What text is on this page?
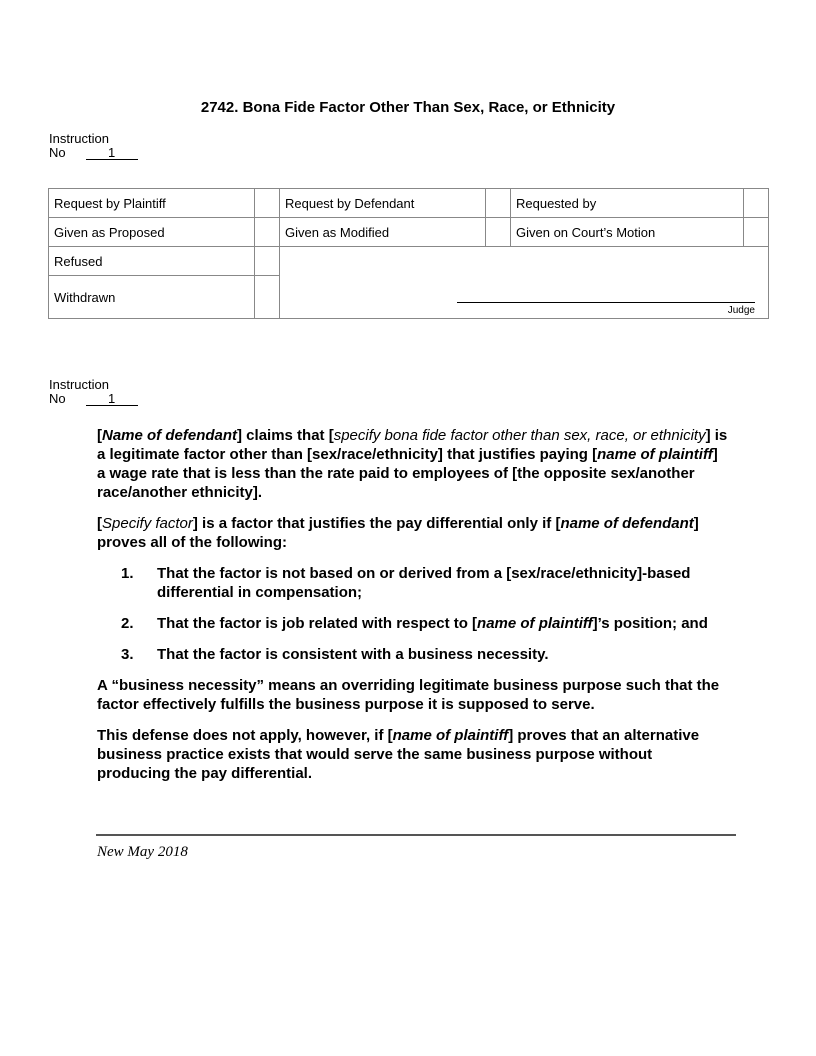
2742. Bona Fide Factor Other Than Sex, Race, or Ethnicity
Instruction
No	1
Request by Plaintiff		Request by Defendant		Requested by	
Given as Proposed		Given as Modified		Given on Court’s Motion	
Refused		Judge			

Withdrawn					
Instruction
No	1

[Name of defendant] claims that [specify bona fide factor other than sex, race, or ethnicity] is a legitimate factor other than [sex/race/ethnicity] that justifies paying [name of plaintiff] a wage rate that is less than the rate paid to employees of [the opposite sex/another race/another ethnicity].

[Specify factor] is a factor that justifies the pay differential only if [name of defendant] proves all of the following:

1. That the factor is not based on or derived from a [sex/race/ethnicity]-based differential in compensation;
2. That the factor is job related with respect to [name of plaintiff]’s position; and
3. That the factor is consistent with a business necessity.

A “business necessity” means an overriding legitimate business purpose such that the factor effectively fulfills the business purpose it is supposed to serve.

This defense does not apply, however, if [name of plaintiff] proves that an alternative business practice exists that would serve the same business purpose without producing the pay differential.

New May 2018
